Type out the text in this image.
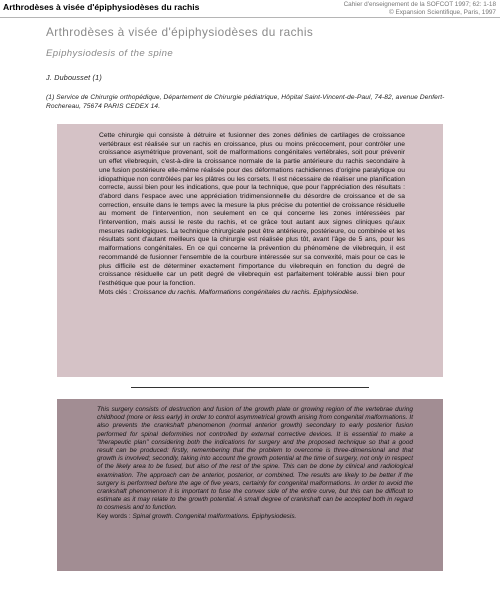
Arthrodèses à visée d'épiphysiodèses du rachis	Cahier d'enseignement de la SOFCOT 1997; 62: 1-18
© Expansion Scientifique, Paris, 1997
Arthrodèses à visée d'épiphysiodèses du rachis
Epiphysiodesis of the spine
J. Dubousset (1)
(1) Service de Chirurgie orthopédique, Département de Chirurgie pédiatrique, Hôpital Saint-Vincent-de-Paul, 74-82, avenue Denfert-Rochereau, 75674 PARIS CEDEX 14.

Cette chirurgie qui consiste à détruire et fusionner des zones définies de cartilages de croissance vertébraux est réalisée sur un rachis en croissance, plus ou moins précocement, pour contrôler une croissance asymétrique provenant, soit de malformations congénitales vertébrales, soit pour prévenir un effet vilebrequin, c'est-à-dire la croissance normale de la partie antérieure du rachis secondaire à une fusion postérieure elle-même réalisée pour des déformations rachidiennes d'origine paralytique ou idiopathique non contrôlées par les plâtres ou les corsets. Il est nécessaire de réaliser une planification correcte, aussi bien pour les indications, que pour la technique, que pour l'appréciation des résultats : d'abord dans l'espace avec une appréciation tridimensionnelle du désordre de croissance et de sa correction, ensuite dans le temps avec la mesure la plus précise du potentiel de croissance résiduelle au moment de l'intervention, non seulement en ce qui concerne les zones intéressées par l'intervention, mais aussi le reste du rachis, et ce grâce tout autant aux signes cliniques qu'aux mesures radiologiques. La technique chirurgicale peut être antérieure, postérieure, ou combinée et les résultats sont d'autant meilleurs que la chirurgie est réalisée plus tôt, avant l'âge de 5 ans, pour les malformations congénitales. En ce qui concerne la prévention du phénomène de vilebrequin, il est recommandé de fusionner l'ensemble de la courbure intéressée sur sa convexité, mais pour ce cas le plus difficile est de déterminer exactement l'importance du vilebrequin en fonction du degré de croissance résiduelle car un petit degré de vilebrequin est parfaitement tolérable aussi bien pour l'esthétique que pour la fonction.

Mots clés : Croissance du rachis. Malformations congénitales du rachis. Epiphysiodèse.

This surgery consists of destruction and fusion of the growth plate or growing region of the vertebrae during childhood (more or less early) in order to control asymmetrical growth arising from congenital malformations. It also prevents the crankshaft phenomenon (normal anterior growth) secondary to early posterior fusion performed for spinal deformities not controlled by external corrective devices. It is essential to make a "therapeutic plan" considering both the indications for surgery and the proposed technique so that a good result can be produced: firstly, remembering that the problem to overcome is three-dimensional and that growth is involved; secondly, taking into account the growth potential at the time of surgery, not only in respect of the likely area to be fused, but also of the rest of the spine. This can be done by clinical and radiological examination. The approach can be anterior, posterior, or combined. The results are likely to be better if the surgery is performed before the age of five years, certainly for congenital malformations. In order to avoid the crankshaft phenomenon it is important to fuse the convex side of the entire curve, but this can be difficult to estimate as it may relate to the growth potential. A small degree of crankshaft can be accepted both in regard to cosmesis and to function.

Key words : Spinal growth. Congenital malformations. Epiphysiodesis.
